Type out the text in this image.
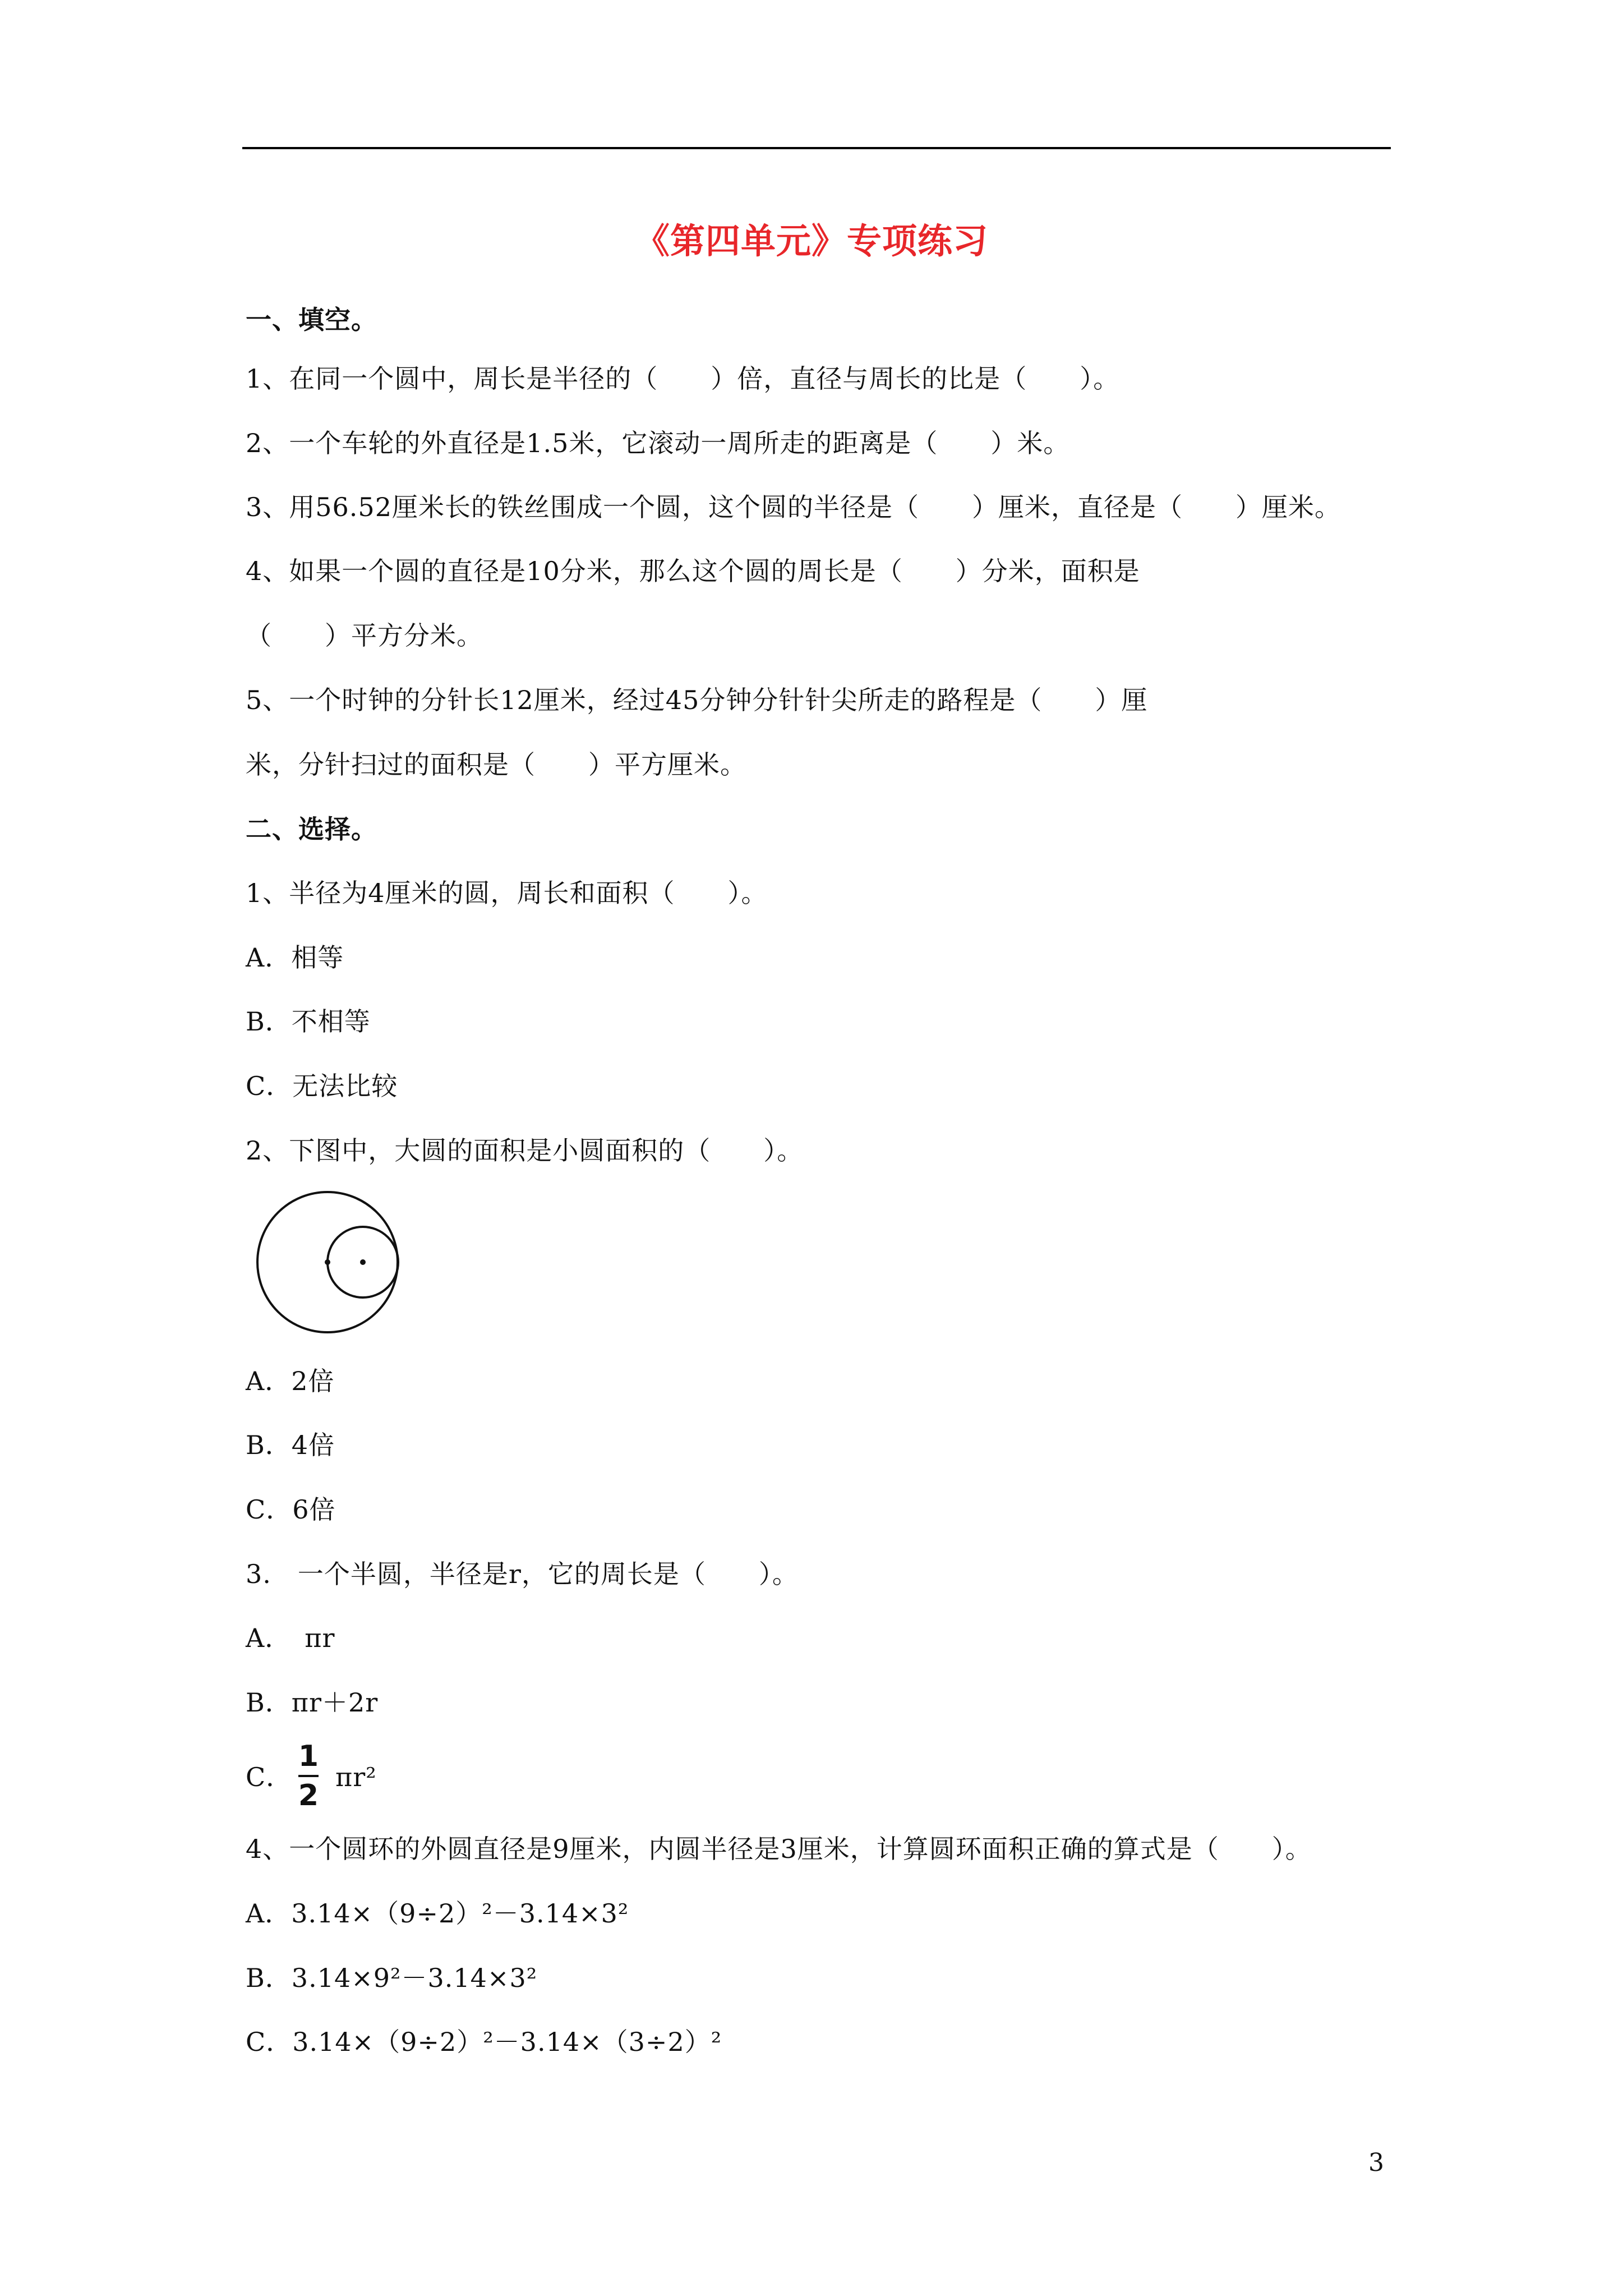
《第四单元》专项练习
一、填空。
1、在同一个圆中，周长是半径的（　　）倍，直径与周长的比是（　　）。
2、一个车轮的外直径是1.5米，它滚动一周所走的距离是（　　）米。
3、用56.52厘米长的铁丝围成一个圆，这个圆的半径是（　　）厘米，直径是（　　）厘米。
4、如果一个圆的直径是10分米，那么这个圆的周长是（　　）分米，面积是
（　　）平方分米。
5、一个时钟的分针长12厘米，经过45分钟分针针尖所走的路程是（　　）厘
米，分针扫过的面积是（　　）平方厘米。
二、选择。
1、半径为4厘米的圆，周长和面积（　　）。
A．相等
B．不相等
C．无法比较
2、下图中，大圆的面积是小圆面积的（　　）。
A．2倍
B．4倍
C．6倍
3.　一个半圆，半径是r，它的周长是（　　）。
A．　πr
B．πr＋2r
C．
1
2
πr²
4、一个圆环的外圆直径是9厘米，内圆半径是3厘米，计算圆环面积正确的算式是（　　）。
A．3.14×（9÷2）²－3.14×3²
B．3.14×9²－3.14×3²
C．3.14×（9÷2）²－3.14×（3÷2）²
3
